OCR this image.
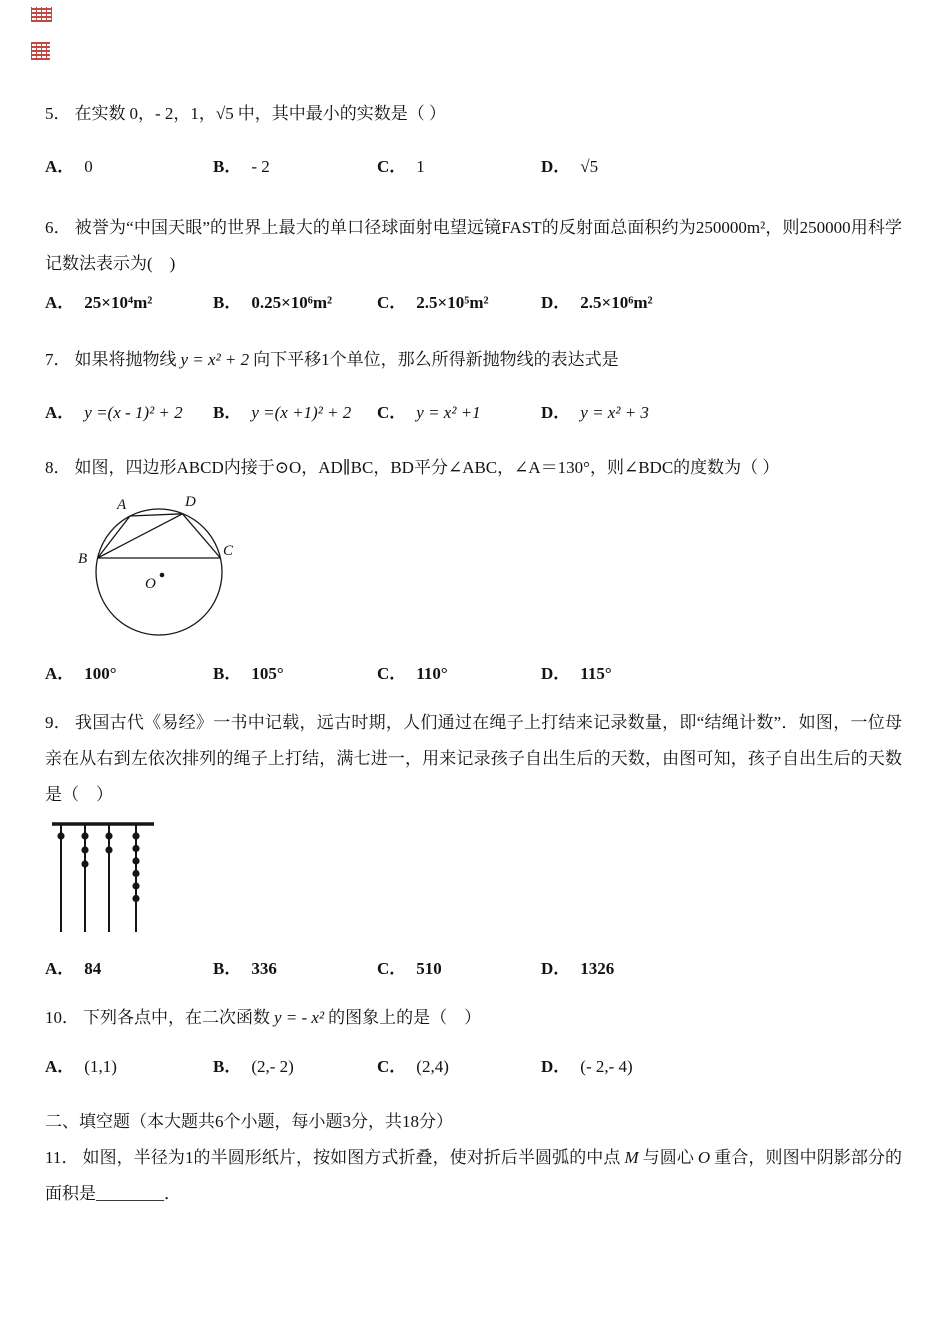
5． 在实数 0，- 2，1，√5 中，其中最小的实数是（ ）

A． 0	B． - 2	C． 1	D． √5

6． 被誉为“中国天眼”的世界上最大的单口径球面射电望远镜FAST的反射面总面积约为250000m²，则250000用科学记数法表示为(　)

A． 25×10⁴m²	B． 0.25×10⁶m²	C． 2.5×10⁵m²	D． 2.5×10⁶m²

7． 如果将抛物线 y = x² + 2 向下平移1个单位，那么所得新抛物线的表达式是

A． y =(x - 1)² + 2	B． y =(x +1)² + 2	C． y = x² +1	D． y = x² + 3

8． 如图，四边形ABCD内接于⊙O，AD∥BC，BD平分∠ABC，∠A＝130°，则∠BDC的度数为（ ）

A	D
B	C
O
A． 100°	B． 105°	C． 110°	D． 115°

9． 我国古代《易经》一书中记载，远古时期，人们通过在绳子上打结来记录数量，即“结绳计数”．如图，一位母亲在从右到左依次排列的绳子上打结，满七进一，用来记录孩子自出生后的天数，由图可知，孩子自出生后的天数是（　）

A． 84	B． 336	C． 510	D． 1326

10． 下列各点中，在二次函数 y = - x² 的图象上的是（　）

A． (1,1)	B． (2,- 2)	C． (2,4)	D． (- 2,- 4)

二、填空题（本大题共6个小题，每小题3分，共18分）

11． 如图，半径为1的半圆形纸片，按如图方式折叠，使对折后半圆弧的中点 M 与圆心 O 重合，则图中阴影部分的面积是________．
